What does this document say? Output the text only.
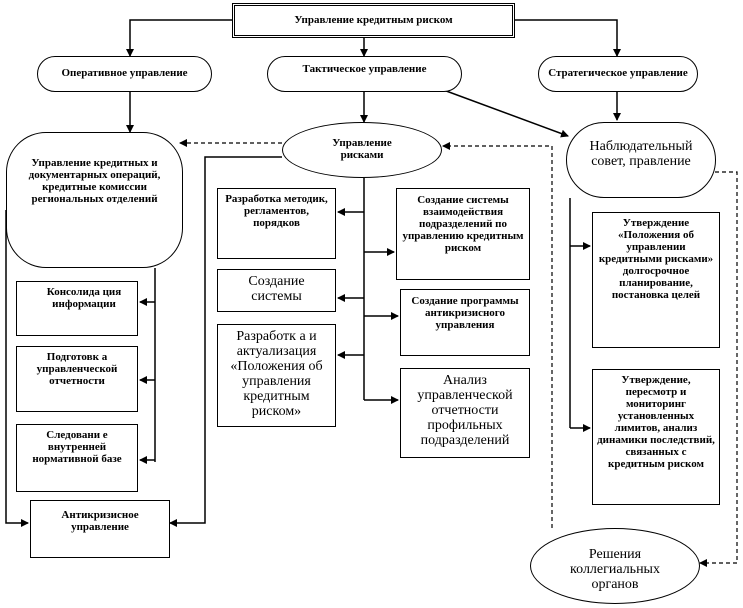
Управление кредитным риском
Оперативное управление	Тактическое управление	Стратегическое управление
Управление кредитных и документарных операций, кредитные комиссии региональных отделений
Консолида ция информации
Подготовк а управленческой отчетности
Следовани е внутренней нормативной базе
Управление рисками
Разработка методик, регламентов, порядков
Создание системы
Разработк а и актуализация «Положения об управления кредитным риском»
Создание системы взаимодействия подразделений по управлению кредитным риском
Создание программы антикризисного управления
Анализ управленческой отчетности профильных подразделений
Антикризисное управление
Решения коллегиальных органов
Наблюдательный совет, правление
Утверждение «Положения об управлении кредитными рисками» долгосрочное планирование, постановка целей
Утверждение, пересмотр и мониторинг установленных лимитов, анализ динамики последствий, связанных с кредитным риском
